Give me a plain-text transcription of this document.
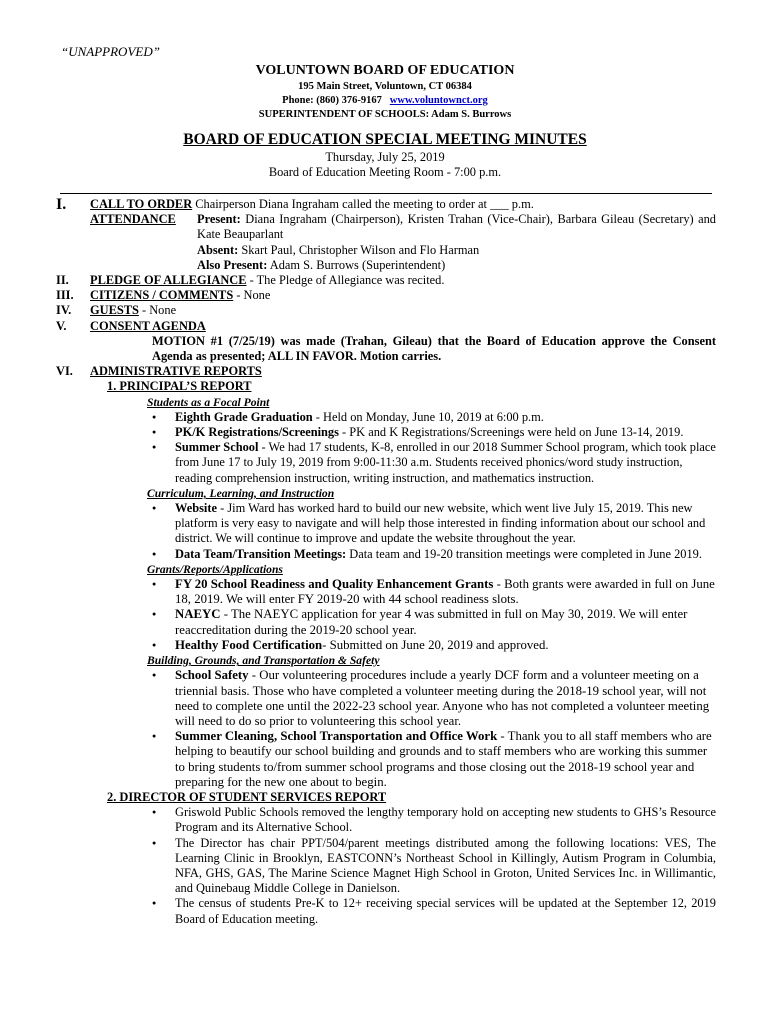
“UNAPPROVED”
VOLUNTOWN BOARD OF EDUCATION
195 Main Street, Voluntown, CT 06384
Phone: (860) 376-9167 www.voluntownct.org
SUPERINTENDENT OF SCHOOLS: Adam S. Burrows
BOARD OF EDUCATION SPECIAL MEETING MINUTES
Thursday, July 25, 2019
Board of Education Meeting Room - 7:00 p.m.
I.	CALL TO ORDER Chairperson Diana Ingraham called the meeting to order at ___ p.m.
ATTENDANCE Present: Diana Ingraham (Chairperson), Kristen Trahan (Vice-Chair), Barbara Gileau (Secretary) and Kate Beauparlant
Absent: Skart Paul, Christopher Wilson and Flo Harman
Also Present: Adam S. Burrows (Superintendent)
II.	PLEDGE OF ALLEGIANCE - The Pledge of Allegiance was recited.
III.	CITIZENS / COMMENTS - None
IV.	GUESTS - None
V.	CONSENT AGENDA
MOTION #1 (7/25/19) was made (Trahan, Gileau) that the Board of Education approve the Consent Agenda as presented; ALL IN FAVOR. Motion carries.
VI.	ADMINISTRATIVE REPORTS
1. PRINCIPAL’S REPORT
Students as a Focal Point
● Eighth Grade Graduation - Held on Monday, June 10, 2019 at 6:00 p.m.
● PK/K Registrations/Screenings - PK and K Registrations/Screenings were held on June 13-14, 2019.
● Summer School - We had 17 students, K-8, enrolled in our 2018 Summer School program, which took place from June 17 to July 19, 2019 from 9:00-11:30 a.m. Students received phonics/word study instruction, reading comprehension instruction, writing instruction, and mathematics instruction.
Curriculum, Learning, and Instruction
● Website - Jim Ward has worked hard to build our new website, which went live July 15, 2019. This new platform is very easy to navigate and will help those interested in finding information about our school and district. We will continue to improve and update the website throughout the year.
● Data Team/Transition Meetings: Data team and 19-20 transition meetings were completed in June 2019.
Grants/Reports/Applications
● FY 20 School Readiness and Quality Enhancement Grants - Both grants were awarded in full on June 18, 2019. We will enter FY 2019-20 with 44 school readiness slots.
● NAEYC - The NAEYC application for year 4 was submitted in full on May 30, 2019. We will enter reaccreditation during the 2019-20 school year.
● Healthy Food Certification- Submitted on June 20, 2019 and approved.
Building, Grounds, and Transportation & Safety
● School Safety - Our volunteering procedures include a yearly DCF form and a volunteer meeting on a triennial basis. Those who have completed a volunteer meeting during the 2018-19 school year, will not need to complete one until the 2022-23 school year. Anyone who has not completed a volunteer meeting will need to do so prior to volunteering this school year.
● Summer Cleaning, School Transportation and Office Work - Thank you to all staff members who are helping to beautify our school building and grounds and to staff members who are working this summer to bring students to/from summer school programs and those closing out the 2018-19 school year and preparing for the new one about to begin.
2. DIRECTOR OF STUDENT SERVICES REPORT
● Griswold Public Schools removed the lengthy temporary hold on accepting new students to GHS’s Resource Program and its Alternative School.
● The Director has chair PPT/504/parent meetings distributed among the following locations: VES, The Learning Clinic in Brooklyn, EASTCONN’s Northeast School in Killingly, Autism Program in Columbia, NFA, GHS, GAS, The Marine Science Magnet High School in Groton, United Services Inc. in Willimantic, and Quinebaug Middle College in Danielson.
● The census of students Pre-K to 12+ receiving special services will be updated at the September 12, 2019 Board of Education meeting.
